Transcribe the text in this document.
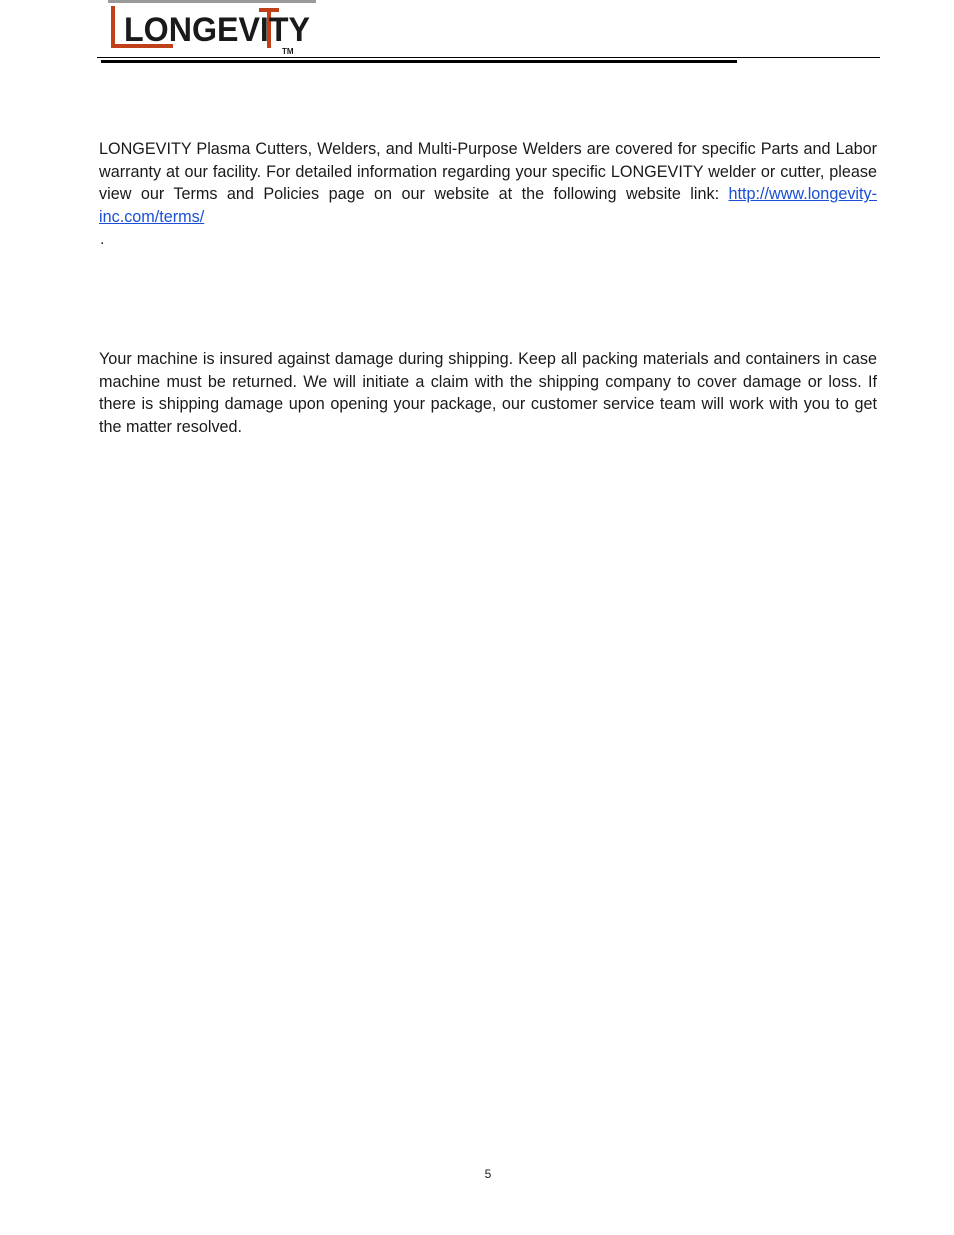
LONGEVITY
TM

LONGEVITY Plasma Cutters, Welders, and Multi-Purpose Welders are covered for specific Parts and Labor warranty at our facility. For detailed information regarding your specific LONGEVITY welder or cutter, please view our Terms and Policies page on our website at the following website link: http://www.longevity-inc.com/terms/

.

Your machine is insured against damage during shipping. Keep all packing materials and containers in case machine must be returned. We will initiate a claim with the shipping company to cover damage or loss. If there is shipping damage upon opening your package, our customer service team will work with you to get the matter resolved.

5
